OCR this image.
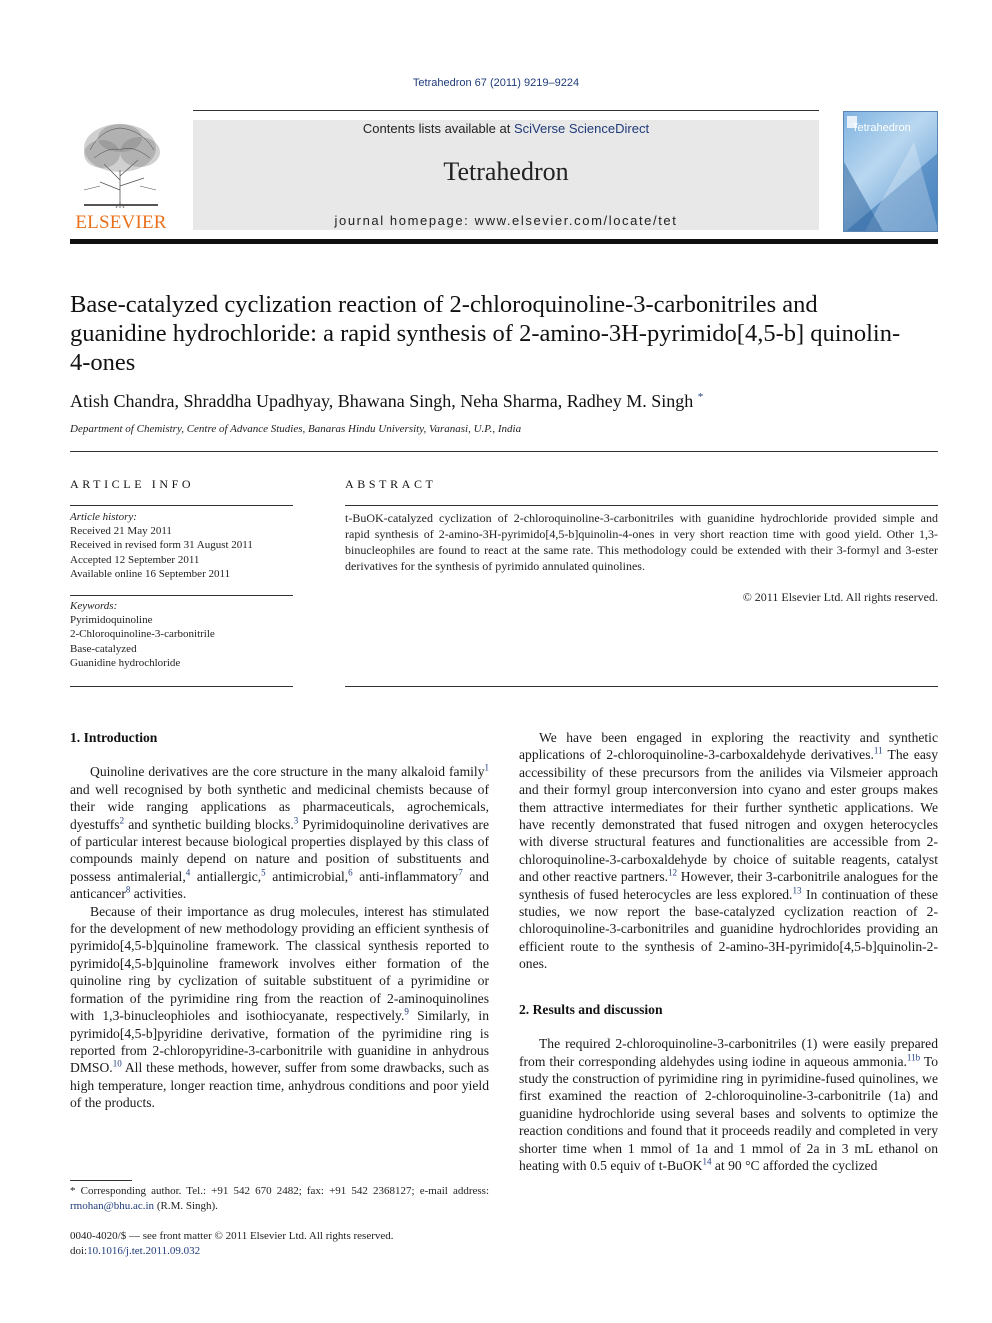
Tetrahedron 67 (2011) 9219–9224
ELSEVIER
Contents lists available at SciVerse ScienceDirect
Tetrahedron
journal homepage: www.elsevier.com/locate/tet
Tetrahedron
Base-catalyzed cyclization reaction of 2-chloroquinoline-3-carbonitriles and guanidine hydrochloride: a rapid synthesis of 2-amino-3H-pyrimido[4,5-b] quinolin-4-ones
Atish Chandra, Shraddha Upadhyay, Bhawana Singh, Neha Sharma, Radhey M. Singh *
Department of Chemistry, Centre of Advance Studies, Banaras Hindu University, Varanasi, U.P., India
ARTICLE INFO	ABSTRACT
Article history:
Received 21 May 2011
Received in revised form 31 August 2011
Accepted 12 September 2011
Available online 16 September 2011
Keywords:
Pyrimidoquinoline
2-Chloroquinoline-3-carbonitrile
Base-catalyzed
Guanidine hydrochloride
t-BuOK-catalyzed cyclization of 2-chloroquinoline-3-carbonitriles with guanidine hydrochloride provided simple and rapid synthesis of 2-amino-3H-pyrimido[4,5-b]quinolin-4-ones in very short reaction time with good yield. Other 1,3-binucleophiles are found to react at the same rate. This methodology could be extended with their 3-formyl and 3-ester derivatives for the synthesis of pyrimido annulated quinolines.
© 2011 Elsevier Ltd. All rights reserved.
1. Introduction

Quinoline derivatives are the core structure in the many alkaloid family$^1$ and well recognised by both synthetic and medicinal chemists because of their wide ranging applications as pharmaceuticals, agrochemicals, dyestuffs$^2$ and synthetic building blocks.$^3$ Pyrimidoquinoline derivatives are of particular interest because biological properties displayed by this class of compounds mainly depend on nature and position of substituents and possess antimalerial,$^4$ antiallergic,$^5$ antimicrobial,$^6$ anti-inflammatory$^7$ and anticancer$^8$ activities.

Because of their importance as drug molecules, interest has stimulated for the development of new methodology providing an efficient synthesis of pyrimido[4,5-b]quinoline framework. The classical synthesis reported to pyrimido[4,5-b]quinoline framework involves either formation of the quinoline ring by cyclization of suitable substituent of a pyrimidine or formation of the pyrimidine ring from the reaction of 2-aminoquinolines with 1,3-binucleophioles and isothiocyanate, respectively.$^9$ Similarly, in pyrimido[4,5-b]pyridine derivative, formation of the pyrimidine ring is reported from 2-chloropyridine-3-carbonitrile with guanidine in anhydrous DMSO.$^{10}$ All these methods, however, suffer from some drawbacks, such as high temperature, longer reaction time, anhydrous conditions and poor yield of the products.

We have been engaged in exploring the reactivity and synthetic applications of 2-chloroquinoline-3-carboxaldehyde derivatives.$^{11}$ The easy accessibility of these precursors from the anilides via Vilsmeier approach and their formyl group interconversion into cyano and ester groups makes them attractive intermediates for their further synthetic applications. We have recently demonstrated that fused nitrogen and oxygen heterocycles with diverse structural features and functionalities are accessible from 2-chloroquinoline-3-carboxaldehyde by choice of suitable reagents, catalyst and other reactive partners.$^{12}$ However, their 3-carbonitrile analogues for the synthesis of fused heterocycles are less explored.$^{13}$ In continuation of these studies, we now report the base-catalyzed cyclization reaction of 2-chloroquinoline-3-carbonitriles and guanidine hydrochlorides providing an efficient route to the synthesis of 2-amino-3H-pyrimido[4,5-b]quinolin-2-ones.

2. Results and discussion

The required 2-chloroquinoline-3-carbonitriles (1) were easily prepared from their corresponding aldehydes using iodine in aqueous ammonia.$^{11b}$ To study the construction of pyrimidine ring in pyrimidine-fused quinolines, we first examined the reaction of 2-chloroquinoline-3-carbonitrile (1a) and guanidine hydrochloride using several bases and solvents to optimize the reaction conditions and found that it proceeds readily and completed in very shorter time when 1 mmol of 1a and 1 mmol of 2a in 3 mL ethanol on heating with 0.5 equiv of t-BuOK$^{14}$ at 90 °C afforded the cyclized

* Corresponding author. Tel.: +91 542 670 2482; fax: +91 542 2368127; e-mail address: rmohan@bhu.ac.in (R.M. Singh).
0040-4020/$ — see front matter © 2011 Elsevier Ltd. All rights reserved.
doi:10.1016/j.tet.2011.09.032
